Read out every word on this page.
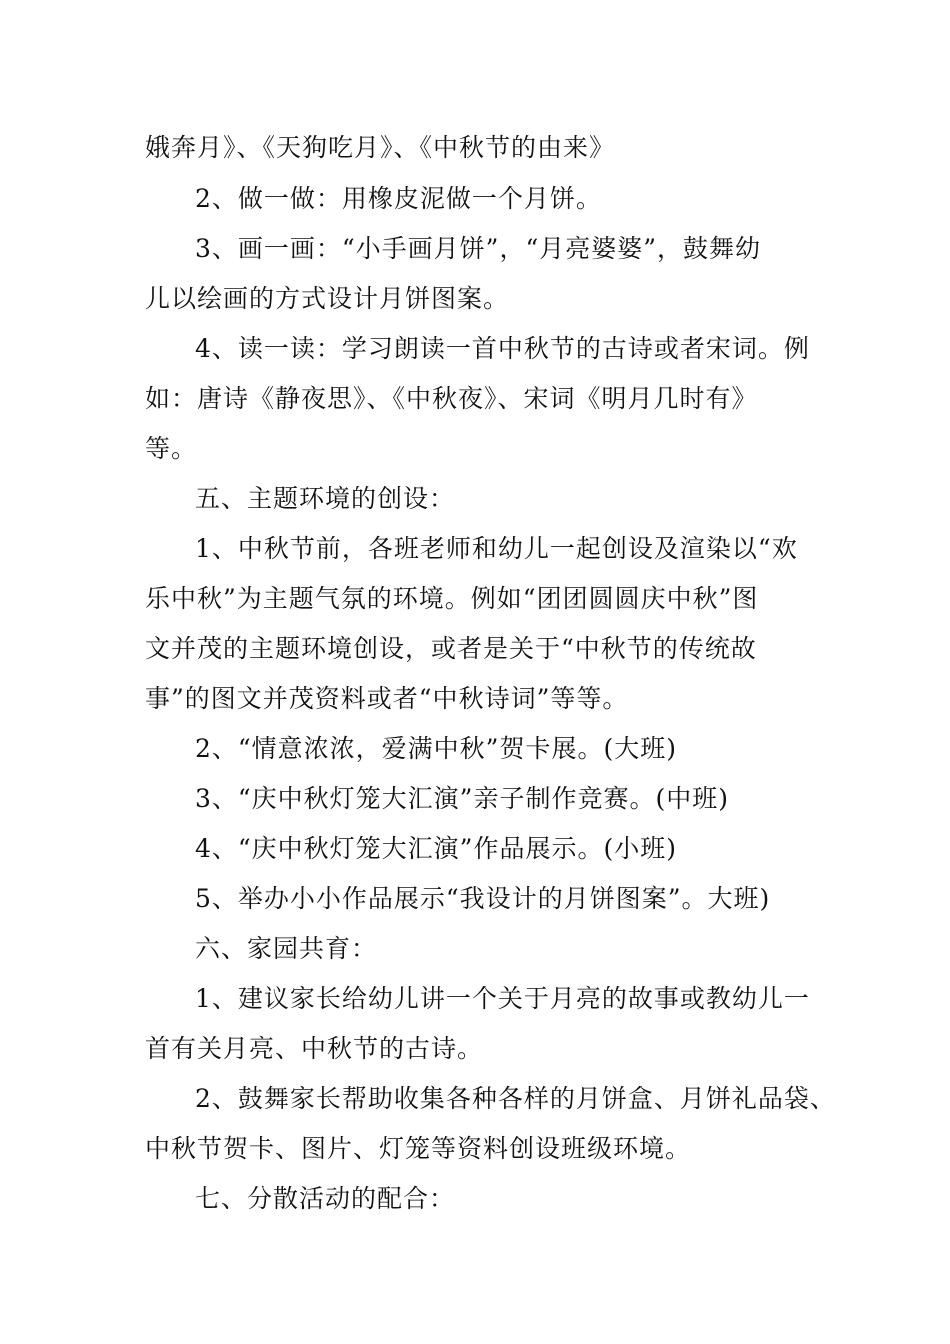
娥奔月》、《天狗吃月》、《中秋节的由来》
2、做一做：用橡皮泥做一个月饼。
3、画一画：“小手画月饼”，“月亮婆婆”，鼓舞幼
儿以绘画的方式设计月饼图案。
4、读一读：学习朗读一首中秋节的古诗或者宋词。例
如：唐诗《静夜思》、《中秋夜》、宋词《明月几时有》
等。
五、主题环境的创设：
1、中秋节前，各班老师和幼儿一起创设及渲染以“欢
乐中秋”为主题气氛的环境。例如“团团圆圆庆中秋”图
文并茂的主题环境创设，或者是关于“中秋节的传统故
事”的图文并茂资料或者“中秋诗词”等等。
2、“情意浓浓，爱满中秋”贺卡展。(大班)
3、“庆中秋灯笼大汇演”亲子制作竞赛。(中班)
4、“庆中秋灯笼大汇演”作品展示。(小班)
5、举办小小作品展示“我设计的月饼图案”。大班)
六、家园共育：
1、建议家长给幼儿讲一个关于月亮的故事或教幼儿一
首有关月亮、中秋节的古诗。
2、鼓舞家长帮助收集各种各样的月饼盒、月饼礼品袋、
中秋节贺卡、图片、灯笼等资料创设班级环境。
七、分散活动的配合：
